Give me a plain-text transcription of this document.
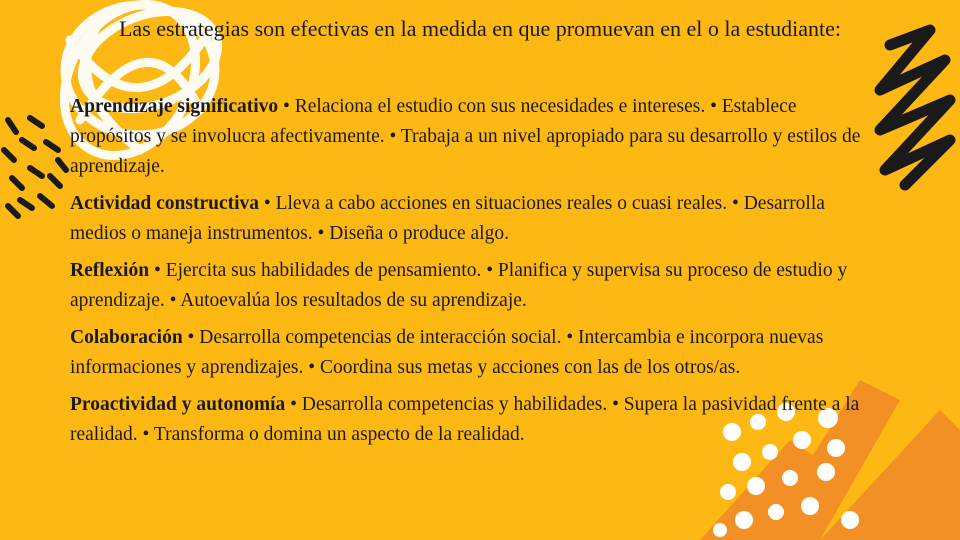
Las estrategias son efectivas en la medida en que promuevan en el o la estudiante:

Aprendizaje significativo • Relaciona el estudio con sus necesidades e intereses. • Establece propósitos y se involucra afectivamente. • Trabaja a un nivel apropiado para su desarrollo y estilos de aprendizaje.

Actividad constructiva • Lleva a cabo acciones en situaciones reales o cuasi reales. • Desarrolla medios o maneja instrumentos. • Diseña o produce algo.

Reflexión • Ejercita sus habilidades de pensamiento. • Planifica y supervisa su proceso de estudio y aprendizaje. • Autoevalúa los resultados de su aprendizaje.

Colaboración • Desarrolla competencias de interacción social. • Intercambia e incorpora nuevas informaciones y aprendizajes. • Coordina sus metas y acciones con las de los otros/as.

Proactividad y autonomía • Desarrolla competencias y habilidades. • Supera la pasividad frente a la realidad. • Transforma o domina un aspecto de la realidad.
